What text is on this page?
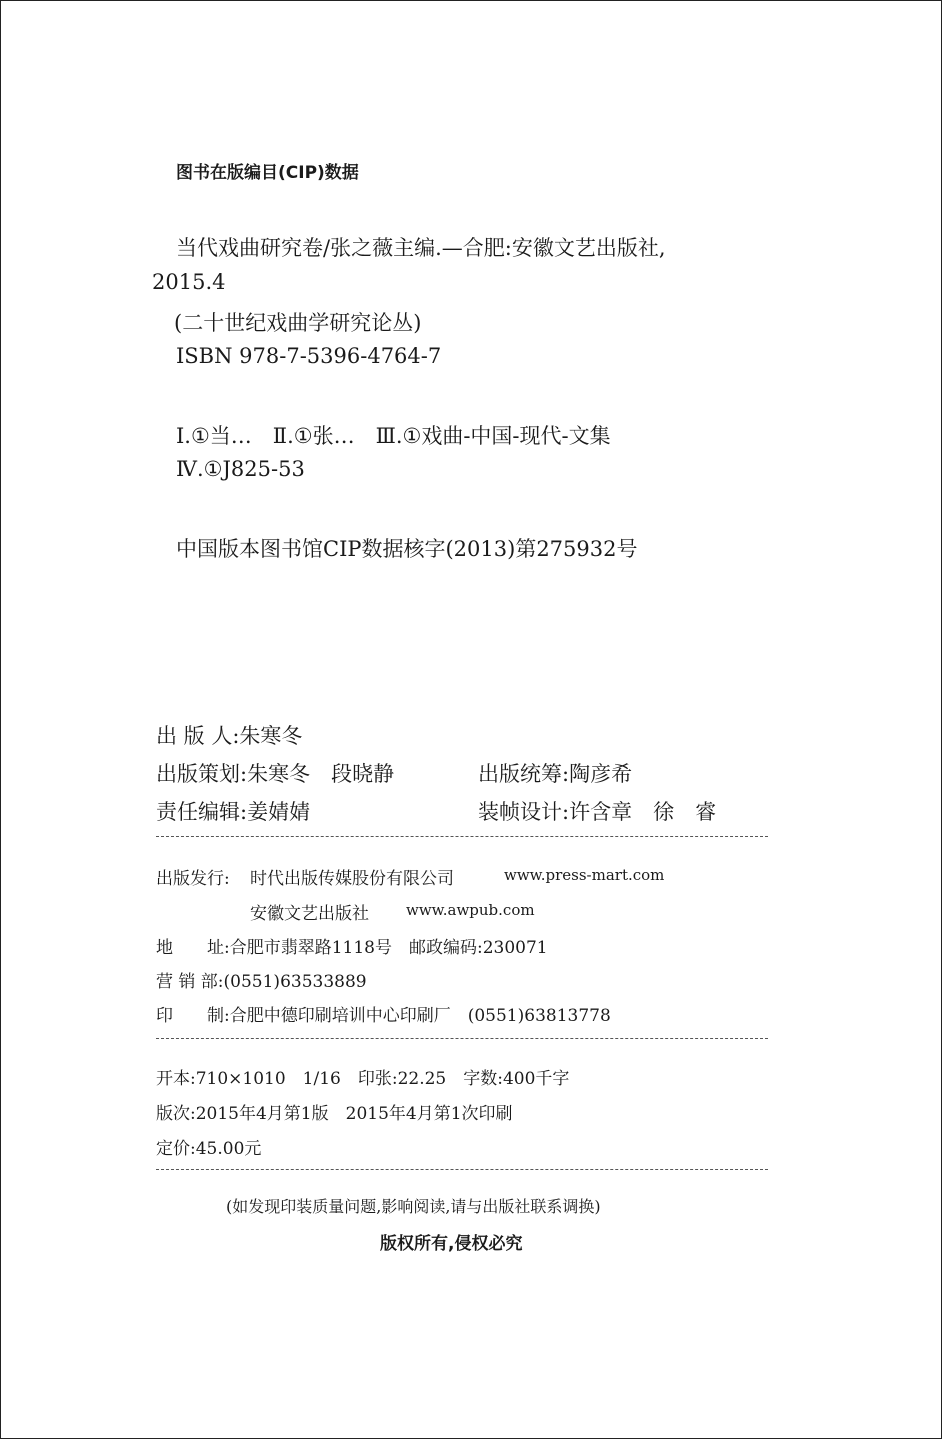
图书在版编目(CIP)数据
当代戏曲研究卷/张之薇主编.—合肥:安徽文艺出版社,
2015.4
(二十世纪戏曲学研究论丛)
ISBN 978-7-5396-4764-7
Ⅰ.①当…　Ⅱ.①张…　Ⅲ.①戏曲-中国-现代-文集
Ⅳ.①J825-53
中国版本图书馆CIP数据核字(2013)第275932号
出 版 人:朱寒冬
出版策划:朱寒冬　段晓静	出版统筹:陶彦希
责任编辑:姜婧婧	装帧设计:许含章　徐　睿
出版发行: 时代出版传媒股份有限公司	www.press-mart.com
安徽文艺出版社 www.awpub.com
地　　址:合肥市翡翠路1118号　邮政编码:230071
营 销 部:(0551)63533889
印　　制:合肥中德印刷培训中心印刷厂　(0551)63813778
开本:710×1010　1/16　印张:22.25　字数:400千字
版次:2015年4月第1版　2015年4月第1次印刷
定价:45.00元
(如发现印装质量问题,影响阅读,请与出版社联系调换)
版权所有,侵权必究
